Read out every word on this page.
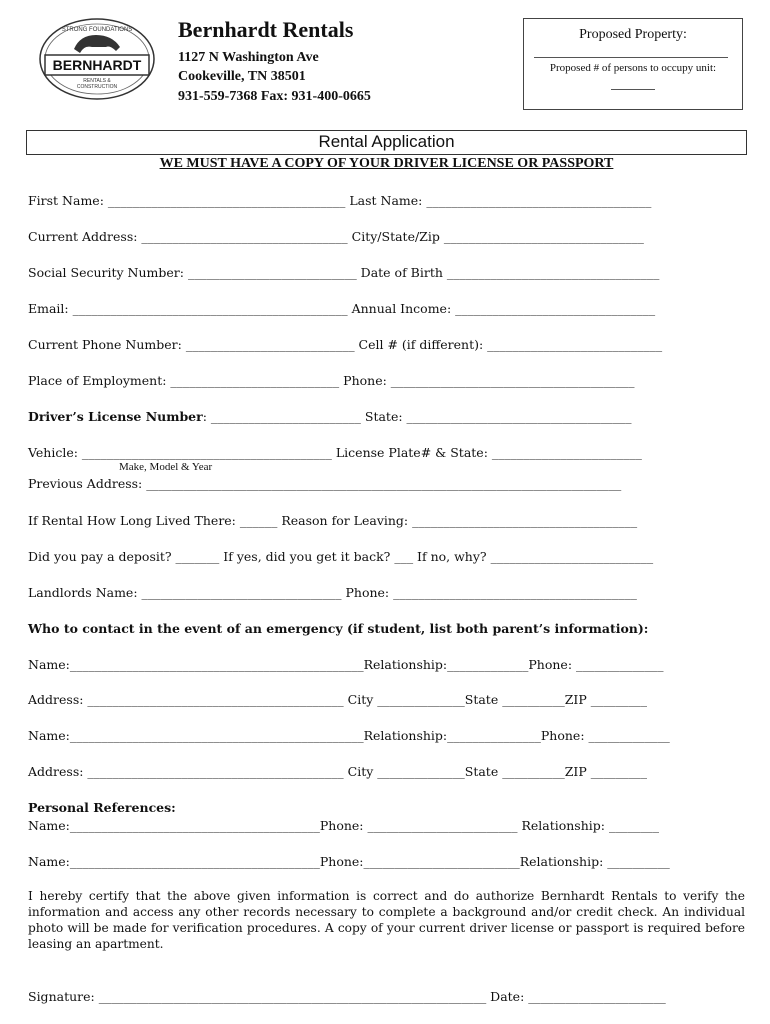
BERNHARDT
STRONG FOUNDATIONS
RENTALS &
CONSTRUCTION
Bernhardt Rentals
1127 N Washington Ave
Cookeville, TN 38501
931-559-7368 Fax: 931-400-0665
Proposed Property:
Proposed # of persons to occupy unit:
Rental Application
WE MUST HAVE A COPY OF YOUR DRIVER LICENSE OR PASSPORT
First Name: ______________________________________ Last Name: ____________________________________
Current Address: _________________________________ City/State/Zip ________________________________
Social Security Number: ___________________________ Date of Birth __________________________________
Email: ____________________________________________ Annual Income: ________________________________
Current Phone Number: ___________________________ Cell # (if different): ____________________________
Place of Employment: ___________________________ Phone: _______________________________________
Driver’s License Number: ________________________ State: ____________________________________
Vehicle: ________________________________________ License Plate# & State: ________________________
Make, Model & Year
Previous Address: ____________________________________________________________________________
If Rental How Long Lived There: ______ Reason for Leaving: ____________________________________
Did you pay a deposit? _______ If yes, did you get it back? ___ If no, why? __________________________
Landlords Name: ________________________________ Phone: _______________________________________
Who to contact in the event of an emergency (if student, list both parent’s information):
Name:_______________________________________________Relationship:_____________Phone: ______________
Address: _________________________________________ City ______________State __________ZIP _________
Name:_______________________________________________Relationship:_______________Phone: _____________
Address: _________________________________________ City ______________State __________ZIP _________
Personal References:
Name:________________________________________Phone: ________________________ Relationship: ________
Name:________________________________________Phone:_________________________Relationship: __________
I hereby certify that the above given information is correct and do authorize Bernhardt Rentals to verify the information and access any other records necessary to complete a background and/or credit check. An individual photo will be made for verification procedures. A copy of your current driver license or passport is required before leasing an apartment.
Signature: ______________________________________________________________ Date: ______________________
